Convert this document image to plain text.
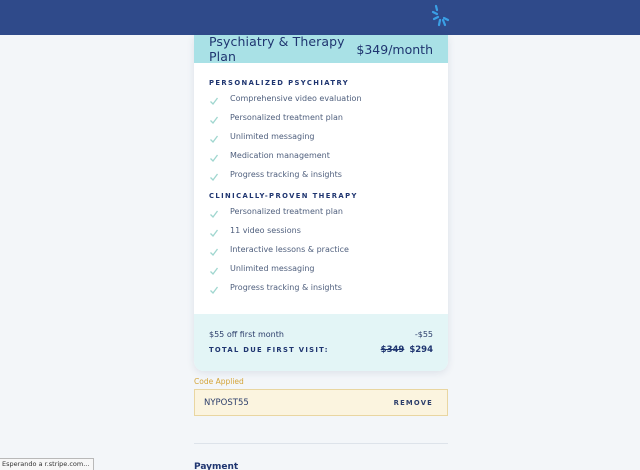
Psychiatry & Therapy Plan	$349/month
PERSONALIZED PSYCHIATRY
Comprehensive video evaluation
Personalized treatment plan
Unlimited messaging
Medication management
Progress tracking & insights
CLINICALLY-PROVEN THERAPY
Personalized treatment plan
11 video sessions
Interactive lessons & practice
Unlimited messaging
Progress tracking & insights
$55 off first month	-$55
TOTAL DUE FIRST VISIT:	$349 $294
Code Applied
NYPOST55	REMOVE
Payment
Esperando a r.stripe.com...
